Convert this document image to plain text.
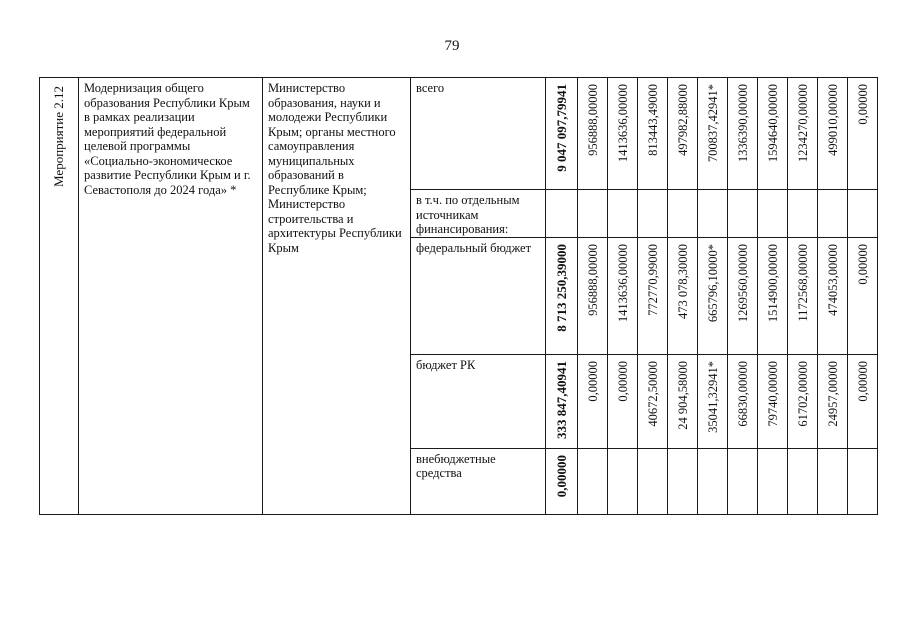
79
Мероприятие 2.12	Модернизация общего образования Республики Крым в рамках реализации мероприятий федеральной целевой программы «Социально-экономическое развитие Республики Крым и г. Севастополя до 2024 года» *	Министерство образования, науки и молодежи Республики Крым; органы местного самоуправления муниципальных образований в Республике Крым; Министерство строительства и архитектуры Республики Крым	всего	9 047 097,79941	956888,00000	1413636,00000	813443,49000	497982,88000	700837,42941*	1336390,00000	1594640,00000	1234270,00000	499010,00000	0,00000

			в т.ч. по отдельным источникам финансирования:											

			федеральный бюджет	8 713 250,39000	956888,00000	1413636,00000	772770,99000	473 078,30000	665796,10000*	1269560,00000	1514900,00000	1172568,00000	474053,00000	0,00000

			бюджет РК	333 847,40941	0,00000	0,00000	40672,50000	24 904,58000	35041,32941*	66830,00000	79740,00000	61702,00000	24957,00000	0,00000

			внебюджетные средства	0,00000										
